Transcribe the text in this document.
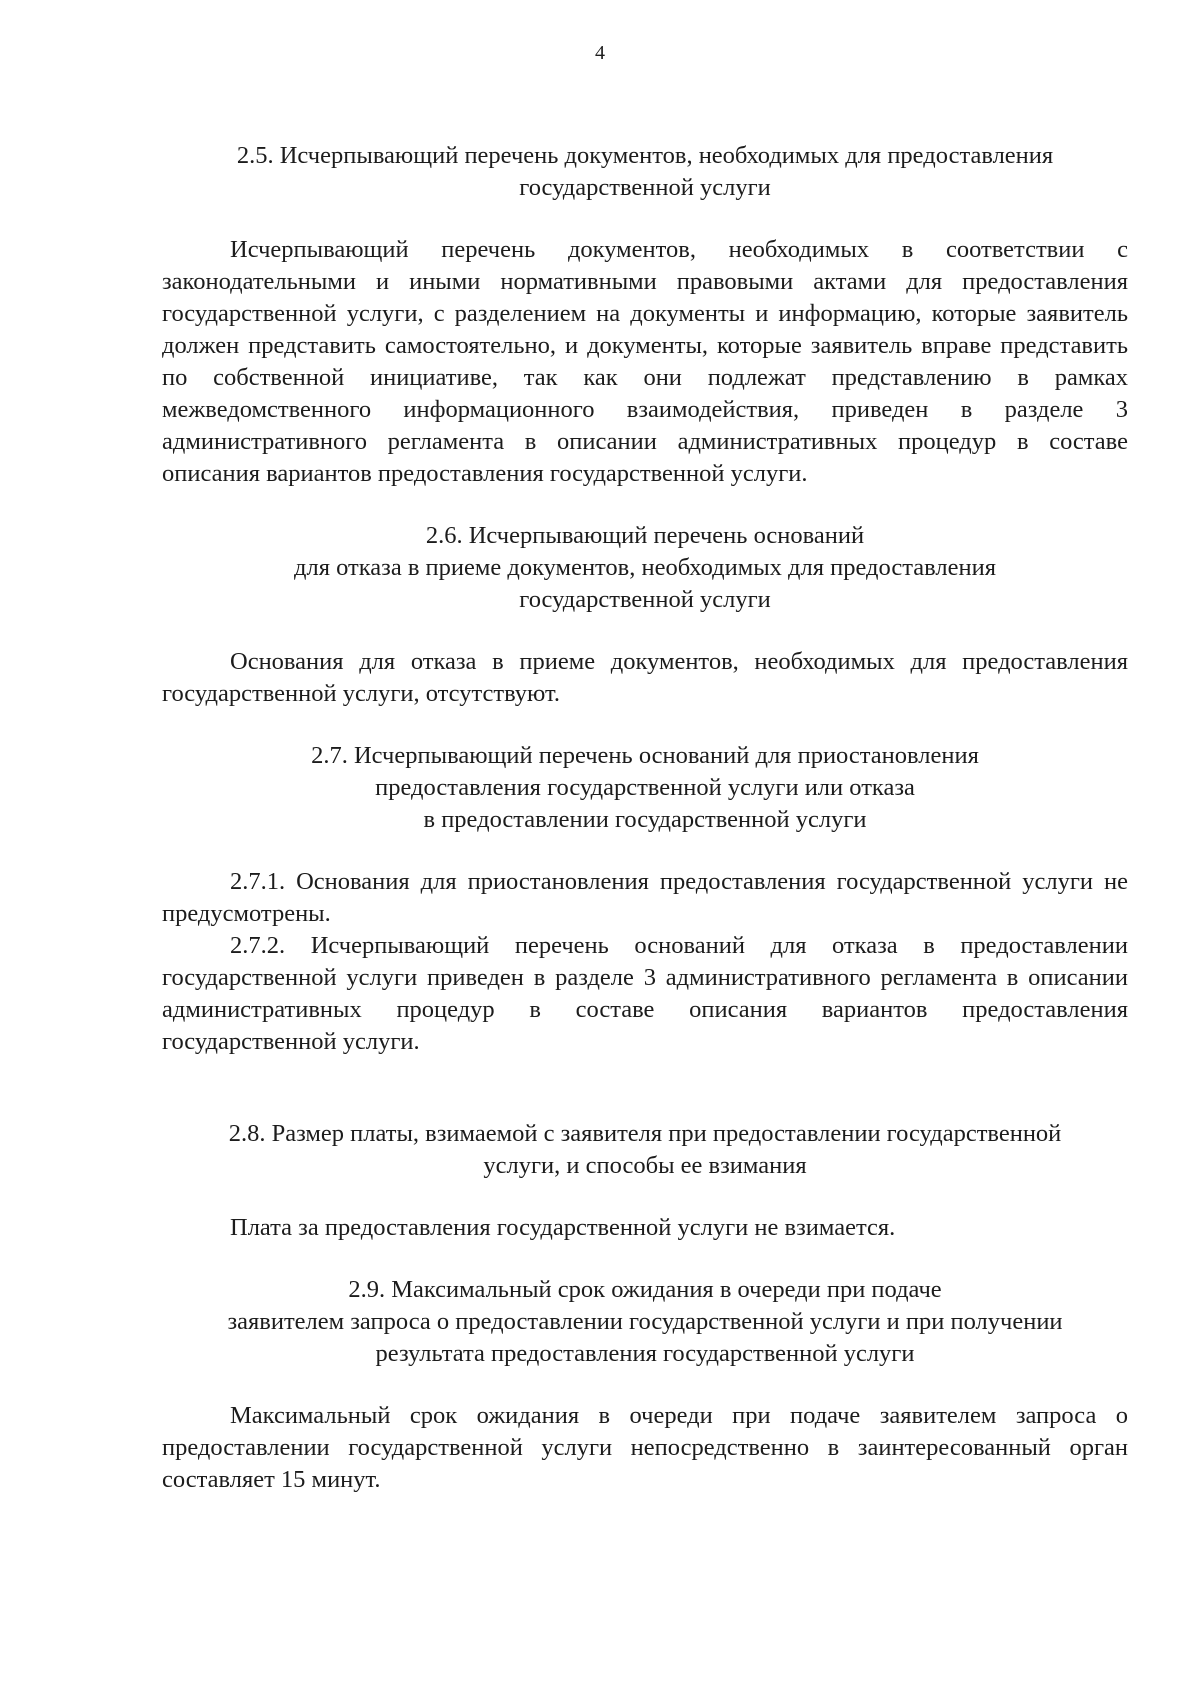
4
2.5. Исчерпывающий перечень документов, необходимых для предоставления
государственной услуги

Исчерпывающий перечень документов, необходимых в соответствии с законодательными и иными нормативными правовыми актами для предоставления государственной услуги, с разделением на документы и информацию, которые заявитель должен представить самостоятельно, и документы, которые заявитель вправе представить по собственной инициативе, так как они подлежат представлению в рамках межведомственного информационного взаимодействия, приведен в разделе 3 административного регламента в описании административных процедур в составе описания вариантов предоставления государственной услуги.

2.6. Исчерпывающий перечень оснований
для отказа в приеме документов, необходимых для предоставления
государственной услуги

Основания для отказа в приеме документов, необходимых для предоставления государственной услуги, отсутствуют.

2.7. Исчерпывающий перечень оснований для приостановления
предоставления государственной услуги или отказа
в предоставлении государственной услуги

2.7.1. Основания для приостановления предоставления государственной услуги не предусмотрены.

2.7.2. Исчерпывающий перечень оснований для отказа в предоставлении государственной услуги приведен в разделе 3 административного регламента в описании административных процедур в составе описания вариантов предоставления государственной услуги.

2.8. Размер платы, взимаемой с заявителя при предоставлении государственной
услуги, и способы ее взимания

Плата за предоставления государственной услуги не взимается.

2.9. Максимальный срок ожидания в очереди при подаче
заявителем запроса о предоставлении государственной услуги и при получении
результата предоставления государственной услуги

Максимальный срок ожидания в очереди при подаче заявителем запроса о предоставлении государственной услуги непосредственно в заинтересованный орган составляет 15 минут.
